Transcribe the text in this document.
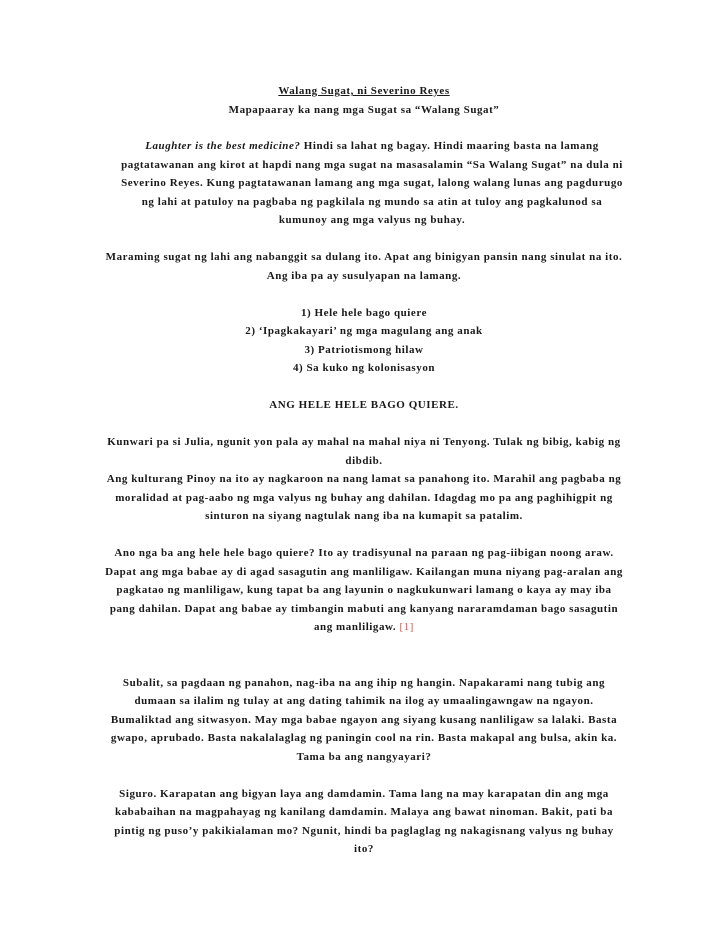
Walang Sugat, ni Severino Reyes

Mapapaaray ka nang mga Sugat sa “Walang Sugat”

Laughter is the best medicine? Hindi sa lahat ng bagay. Hindi maaring basta na lamang pagtatawanan ang kirot at hapdi nang mga sugat na masasalamin “Sa Walang Sugat” na dula ni Severino Reyes. Kung pagtatawanan lamang ang mga sugat, lalong walang lunas ang pagdurugo ng lahi at patuloy na pagbaba ng pagkilala ng mundo sa atin at tuloy ang pagkalunod sa kumunoy ang mga valyus ng buhay.

Maraming sugat ng lahi ang nabanggit sa dulang ito. Apat ang binigyan pansin nang sinulat na ito. Ang iba pa ay susulyapan na lamang.

1) Hele hele bago quiere
2) ‘Ipagkakayari’ ng mga magulang ang anak
3) Patriotismong hilaw
4) Sa kuko ng kolonisasyon

ANG HELE HELE BAGO QUIERE.

Kunwari pa si Julia, ngunit yon pala ay mahal na mahal niya ni Tenyong. Tulak ng bibig, kabig ng dibdib.

Ang kulturang Pinoy na ito ay nagkaroon na nang lamat sa panahong ito. Marahil ang pagbaba ng moralidad at pag-aabo ng mga valyus ng buhay ang dahilan. Idagdag mo pa ang paghihigpit ng sinturon na siyang nagtulak nang iba na kumapit sa patalim.

Ano nga ba ang hele hele bago quiere? Ito ay tradisyunal na paraan ng pag-iibigan noong araw. Dapat ang mga babae ay di agad sasagutin ang manliligaw. Kailangan muna niyang pag-aralan ang pagkatao ng manliligaw, kung tapat ba ang layunin o nagkukunwari lamang o kaya ay may iba pang dahilan. Dapat ang babae ay timbangin mabuti ang kanyang nararamdaman bago sasagutin ang manliligaw. [1]

Subalit, sa pagdaan ng panahon, nag-iba na ang ihip ng hangin. Napakarami nang tubig ang dumaan sa ilalim ng tulay at ang dating tahimik na ilog ay umaalingawngaw na ngayon. Bumaliktad ang sitwasyon. May mga babae ngayon ang siyang kusang nanliligaw sa lalaki. Basta gwapo, aprubado. Basta nakalalaglag ng paningin cool na rin. Basta makapal ang bulsa, akin ka. Tama ba ang nangyayari?

Siguro. Karapatan ang bigyan laya ang damdamin. Tama lang na may karapatan din ang mga kababaihan na magpahayag ng kanilang damdamin. Malaya ang bawat ninoman. Bakit, pati ba pintig ng puso’y pakikialaman mo? Ngunit, hindi ba paglaglag ng nakagisnang valyus ng buhay ito?
